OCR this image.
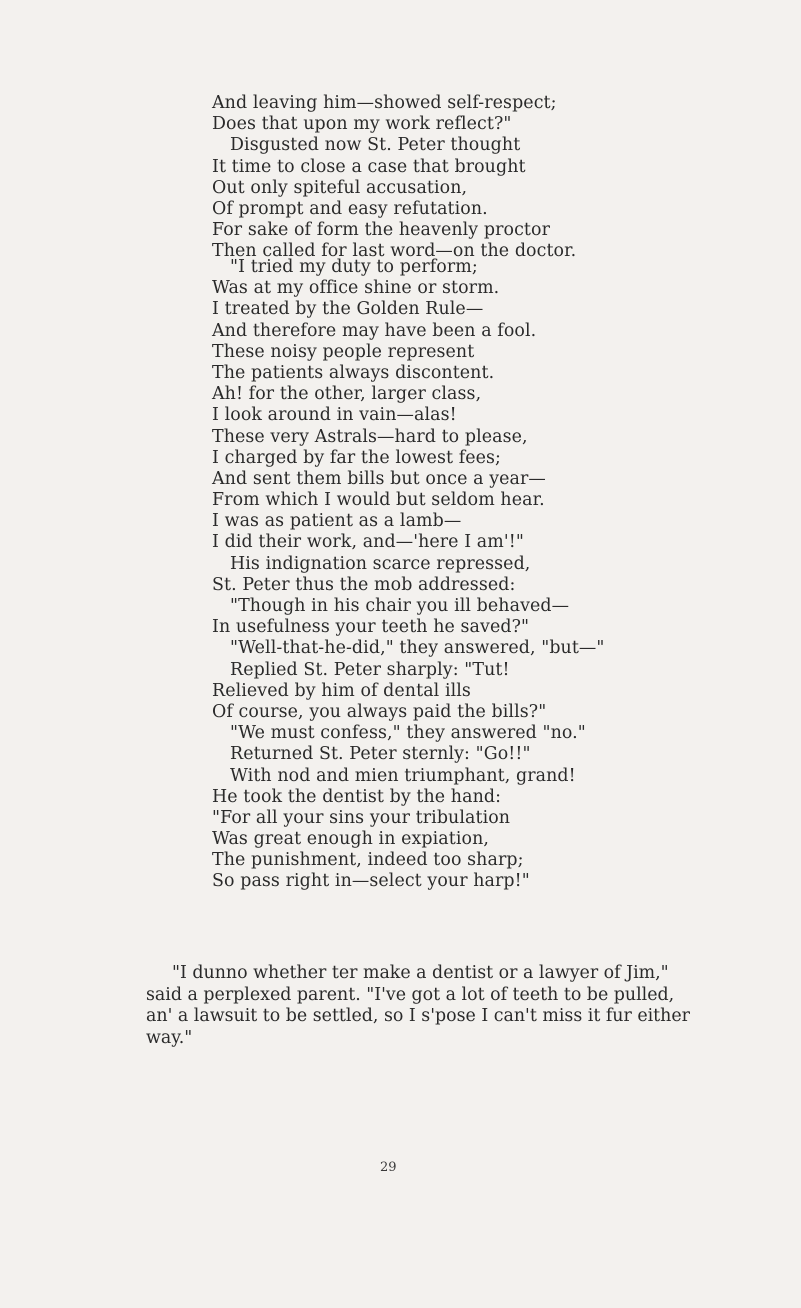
And leaving him—showed self-respect;
Does that upon my work reflect?"
Disgusted now St. Peter thought
It time to close a case that brought
Out only spiteful accusation,
Of prompt and easy refutation.
For sake of form the heavenly proctor
Then called for last word—on the doctor.
"I tried my duty to perform;
Was at my office shine or storm.
I treated by the Golden Rule—
And therefore may have been a fool.
These noisy people represent
The patients always discontent.
Ah! for the other, larger class,
I look around in vain—alas!
These very Astrals—hard to please,
I charged by far the lowest fees;
And sent them bills but once a year—
From which I would but seldom hear.
I was as patient as a lamb—
I did their work, and—'here I am'!"
His indignation scarce repressed,
St. Peter thus the mob addressed:
"Though in his chair you ill behaved—
In usefulness your teeth he saved?"
"Well-that-he-did," they answered, "but—"
Replied St. Peter sharply: "Tut!
Relieved by him of dental ills
Of course, you always paid the bills?"
"We must confess," they answered "no."
Returned St. Peter sternly: "Go!!"
With nod and mien triumphant, grand!
He took the dentist by the hand:
"For all your sins your tribulation
Was great enough in expiation,
The punishment, indeed too sharp;
So pass right in—select your harp!"
"I dunno whether ter make a dentist or a lawyer of Jim,"
said a perplexed parent. "I've got a lot of teeth to be pulled,
an' a lawsuit to be settled, so I s'pose I can't miss it fur either
way."
29
